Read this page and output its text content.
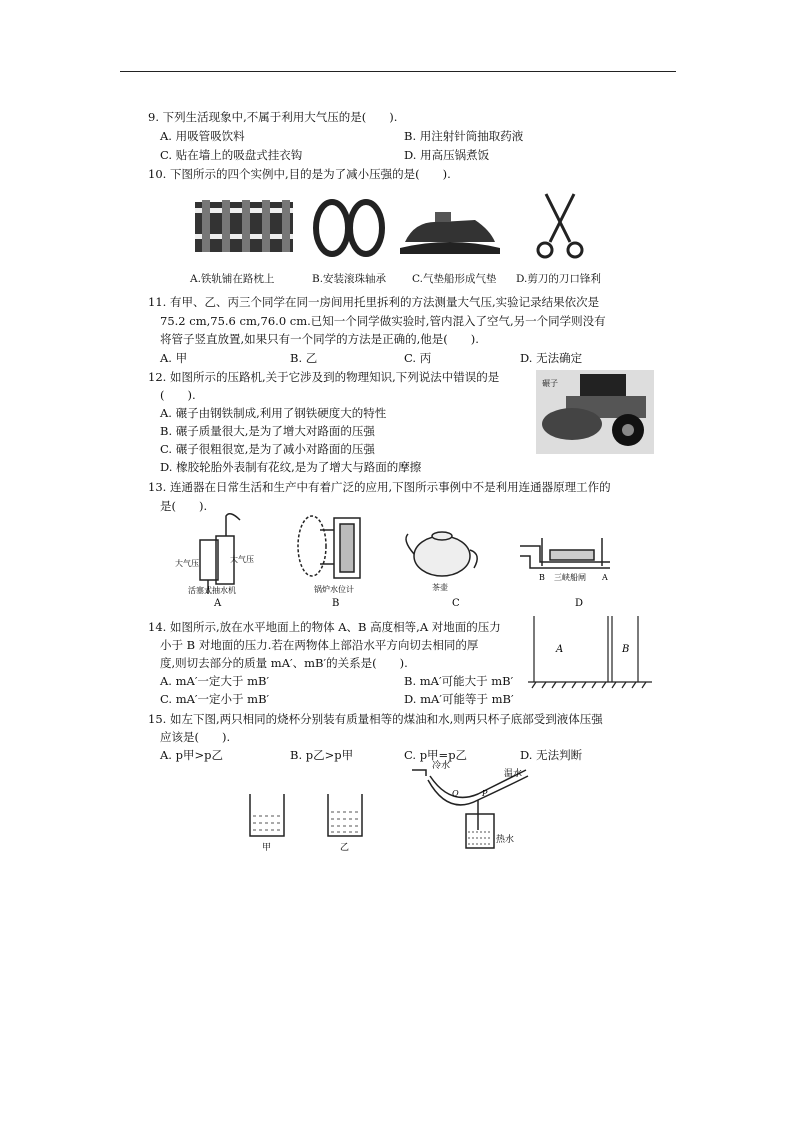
9. 下列生活现象中,不属于利用大气压的是(　　).
A. 用吸管吸饮料	B. 用注射针筒抽取药液
C. 贴在墙上的吸盘式挂衣钩	D. 用高压锅煮饭
10. 下图所示的四个实例中,目的是为了减小压强的是(　　).
A.铁轨铺在路枕上	B.安装滚珠轴承 C.气垫船形成气垫 D.剪刀的刀口锋利
11. 有甲、乙、丙三个同学在同一房间用托里拆利的方法测量大气压,实验记录结果依次是
75.2 cm,75.6 cm,76.0 cm.已知一个同学做实验时,管内混入了空气,另一个同学则没有
将管子竖直放置,如果只有一个同学的方法是正确的,他是(　　).
A. 甲	B. 乙	C. 丙	D. 无法确定
12. 如图所示的压路机,关于它涉及到的物理知识,下列说法中错误的是
(　　).
A. 碾子由钢铁制成,利用了钢铁硬度大的特性
B. 碾子质量很大,是为了增大对路面的压强
C. 碾子很粗很宽,是为了减小对路面的压强
D. 橡胶轮胎外表制有花纹,是为了增大与路面的摩擦
碾子
13. 连通器在日常生活和生产中有着广泛的应用,下图所示事例中不是利用连通器原理工作的
是(　　).
大气压	大气压
活塞式抽水机
A
锅炉水位计
B
茶壶
C
B 三峡船闸 A
D
14. 如图所示,放在水平地面上的物体 A、B 高度相等,A 对地面的压力
小于 B 对地面的压力.若在两物体上部沿水平方向切去相同的厚
度,则切去部分的质量 mA′、mB′的关系是(　　).
A. mA′一定大于 mB′	B. mA′可能大于 mB′
C. mA′一定小于 mB′	D. mA′可能等于 mB′
A	B
15. 如左下图,两只相同的烧杯分别装有质量相等的煤油和水,则两只杯子底部受到液体压强
应该是(　　).
A. p甲>p乙	B. p乙>p甲	C. p甲=p乙	D. 无法判断
甲	乙
冷水
温水
热水
Q	P
